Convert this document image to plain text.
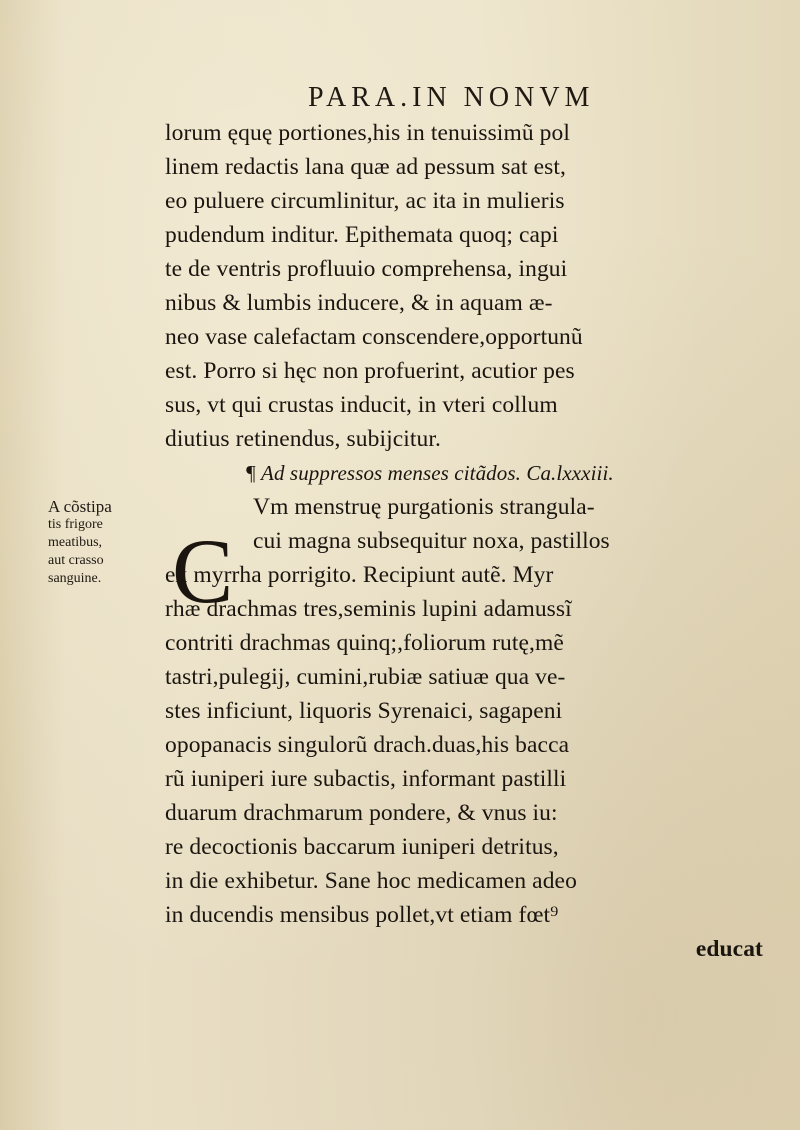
PARA.IN NONVM
A cõstipa
tis frigore
meatibus,
aut crasso
sanguine. C
lorum ęquę portiones,his in tenuissimũ pol
linem redactis lana quæ ad pessum sat est,
eo puluere circumlinitur, ac ita in mulieris
pudendum inditur. Epithemata quoq; capi
te de ventris profluuio comprehensa, ingui
nibus & lumbis inducere, & in aquam æ-
neo vase calefactam conscendere,opportunũ
est. Porro si hęc non profuerint, acutior pes
sus, vt qui crustas inducit, in vteri collum
diutius retinendus, subijcitur.
¶ Ad suppressos menses citãdos. Ca.lxxxiii.
Vm menstruę purgationis strangula-
cui magna subsequitur noxa, pastillos
ex myrrha porrigito. Recipiunt autẽ. Myr
rhæ drachmas tres,seminis lupini adamussĩ
contriti drachmas quinq;,foliorum rutę,mẽ
tastri,pulegij, cumini,rubiæ satiuæ qua ve-
stes inficiunt, liquoris Syrenaici, sagapeni
opopanacis singulorũ drach.duas,his bacca
rũ iuniperi iure subactis, informant pastilli
duarum drachmarum pondere, & vnus iu:
re decoctionis baccarum iuniperi detritus,
in die exhibetur. Sane hoc medicamen adeo
in ducendis mensibus pollet,vt etiam fœt⁹
educat
